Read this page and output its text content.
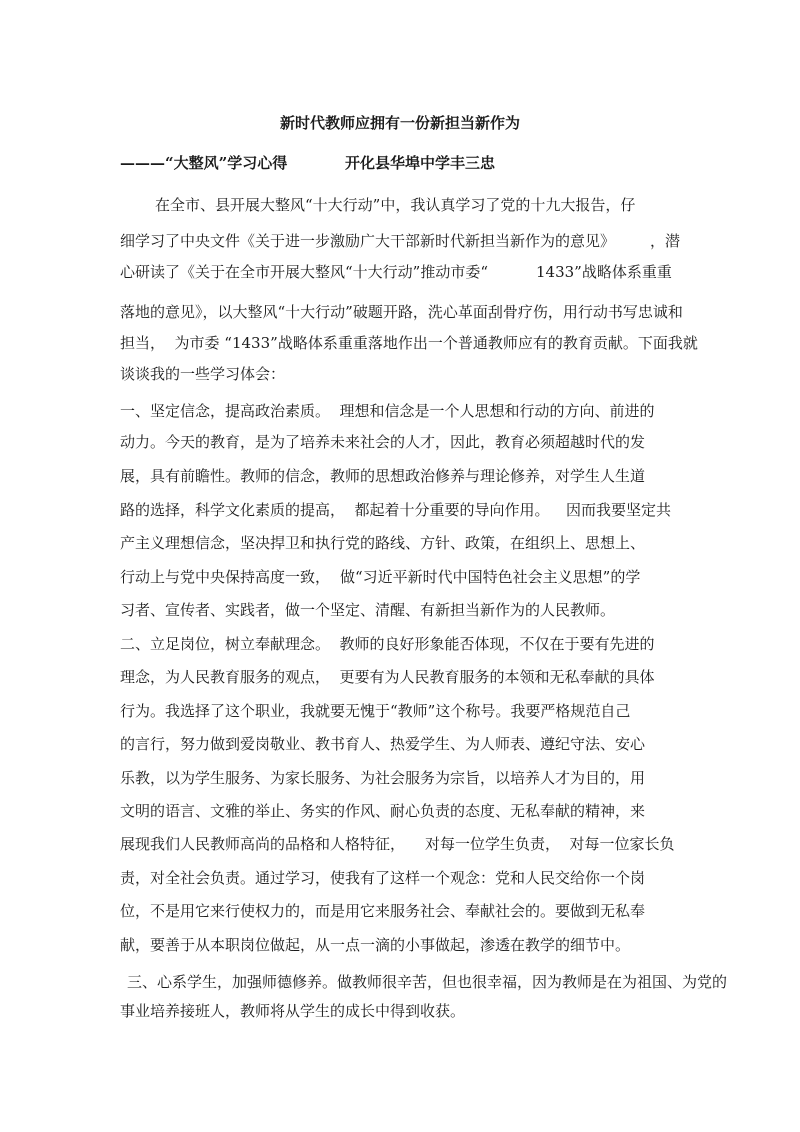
新时代教师应拥有一份新担当新作为
———“大整风”学习心得	开化县华埠中学丰三忠
在全市、县开展大整风“十大行动”中，我认真学习了党的十九大报告，仔
细学习了中央文件《关于进一步激励广大干部新时代新担当新作为的意见》 ，潜
心研读了《关于在全市开展大整风“十大行动”推动市委“	1433”战略体系重重
落地的意见》，以大整风“十大行动”破题开路，洗心革面刮骨疗伤，用行动书写忠诚和
担当，  为市委 “1433”战略体系重重落地作出一个普通教师应有的教育贡献。下面我就
谈谈我的一些学习体会：
一、坚定信念，提高政治素质。  理想和信念是一个人思想和行动的方向、前进的
动力。今天的教育，是为了培养未来社会的人才，因此，教育必须超越时代的发
展，具有前瞻性。教师的信念，教师的思想政治修养与理论修养，对学生人生道
路的选择，科学文化素质的提高，  都起着十分重要的导向作用。 因而我要坚定共
产主义理想信念，坚决捍卫和执行党的路线、方针、政策，在组织上、思想上、
行动上与党中央保持高度一致， 做“习近平新时代中国特色社会主义思想”的学
习者、宣传者、实践者，做一个坚定、清醒、有新担当新作为的人民教师。
二、立足岗位，树立奉献理念。  教师的良好形象能否体现，不仅在于要有先进的
理念，为人民教育服务的观点，  更要有为人民教育服务的本领和无私奉献的具体
行为。我选择了这个职业，我就要无愧于“教师”这个称号。我要严格规范自己
的言行，努力做到爱岗敬业、教书育人、热爱学生、为人师表、遵纪守法、安心
乐教，以为学生服务、为家长服务、为社会服务为宗旨，以培养人才为目的，用
文明的语言、文雅的举止、务实的作风、耐心负责的态度、无私奉献的精神，来
展现我们人民教师高尚的品格和人格特征， 对每一位学生负责，  对每一位家长负
责，对全社会负责。通过学习，使我有了这样一个观念：党和人民交给你一个岗
位，不是用它来行使权力的，而是用它来服务社会、奉献社会的。要做到无私奉
献，要善于从本职岗位做起，从一点一滴的小事做起，渗透在教学的细节中。
三、心系学生，加强师德修养。做教师很辛苦，但也很幸福，因为教师是在为祖国、为党的
事业培养接班人，教师将从学生的成长中得到收获。
